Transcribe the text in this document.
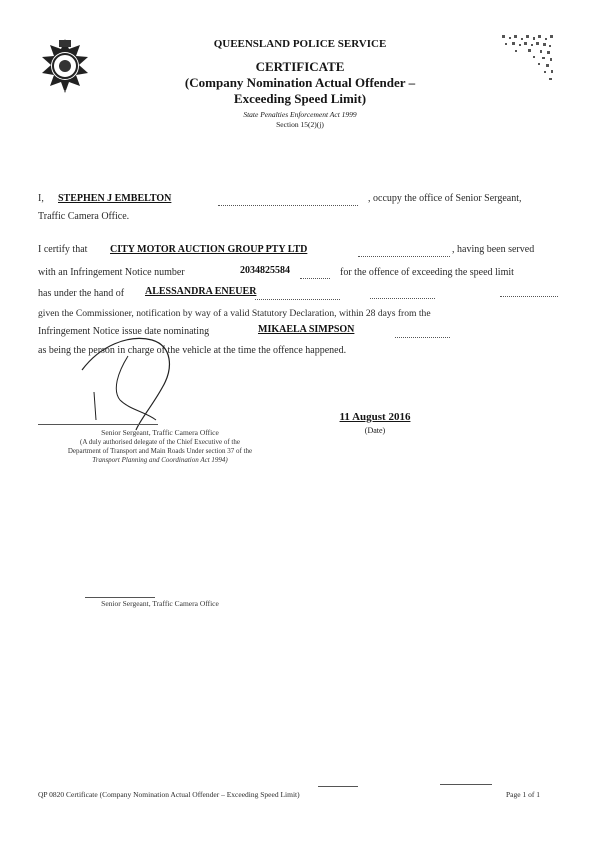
—
QUEENSLAND POLICE SERVICE
CERTIFICATE
(Company Nomination Actual Offender –
Exceeding Speed Limit)
State Penalties Enforcement Act 1999
Section 15(2)(j)
I, STEPHEN J EMBELTON	, occupy the office of Senior Sergeant,
Traffic Camera Office.
I certify that CITY MOTOR AUCTION GROUP PTY LTD	, having been served
with an Infringement Notice number	2034825584	for the offence of exceeding the speed limit
has under the hand of ALESSANDRA ENEUER
given the Commissioner, notification by way of a valid Statutory Declaration, within 28 days from the
Infringement Notice issue date nominating	MIKAELA SIMPSON
as being the person in charge of the vehicle at the time the offence happened.
Senior Sergeant, Traffic Camera Office
(A duly authorised delegate of the Chief Executive of the
Department of Transport and Main Roads Under section 37 of the
Transport Planning and Coordination Act 1994)
11 August 2016
(Date)
Senior Sergeant, Traffic Camera Office
QP 0820 Certificate (Company Nomination Actual Offender – Exceeding Speed Limit)	Page 1 of 1
